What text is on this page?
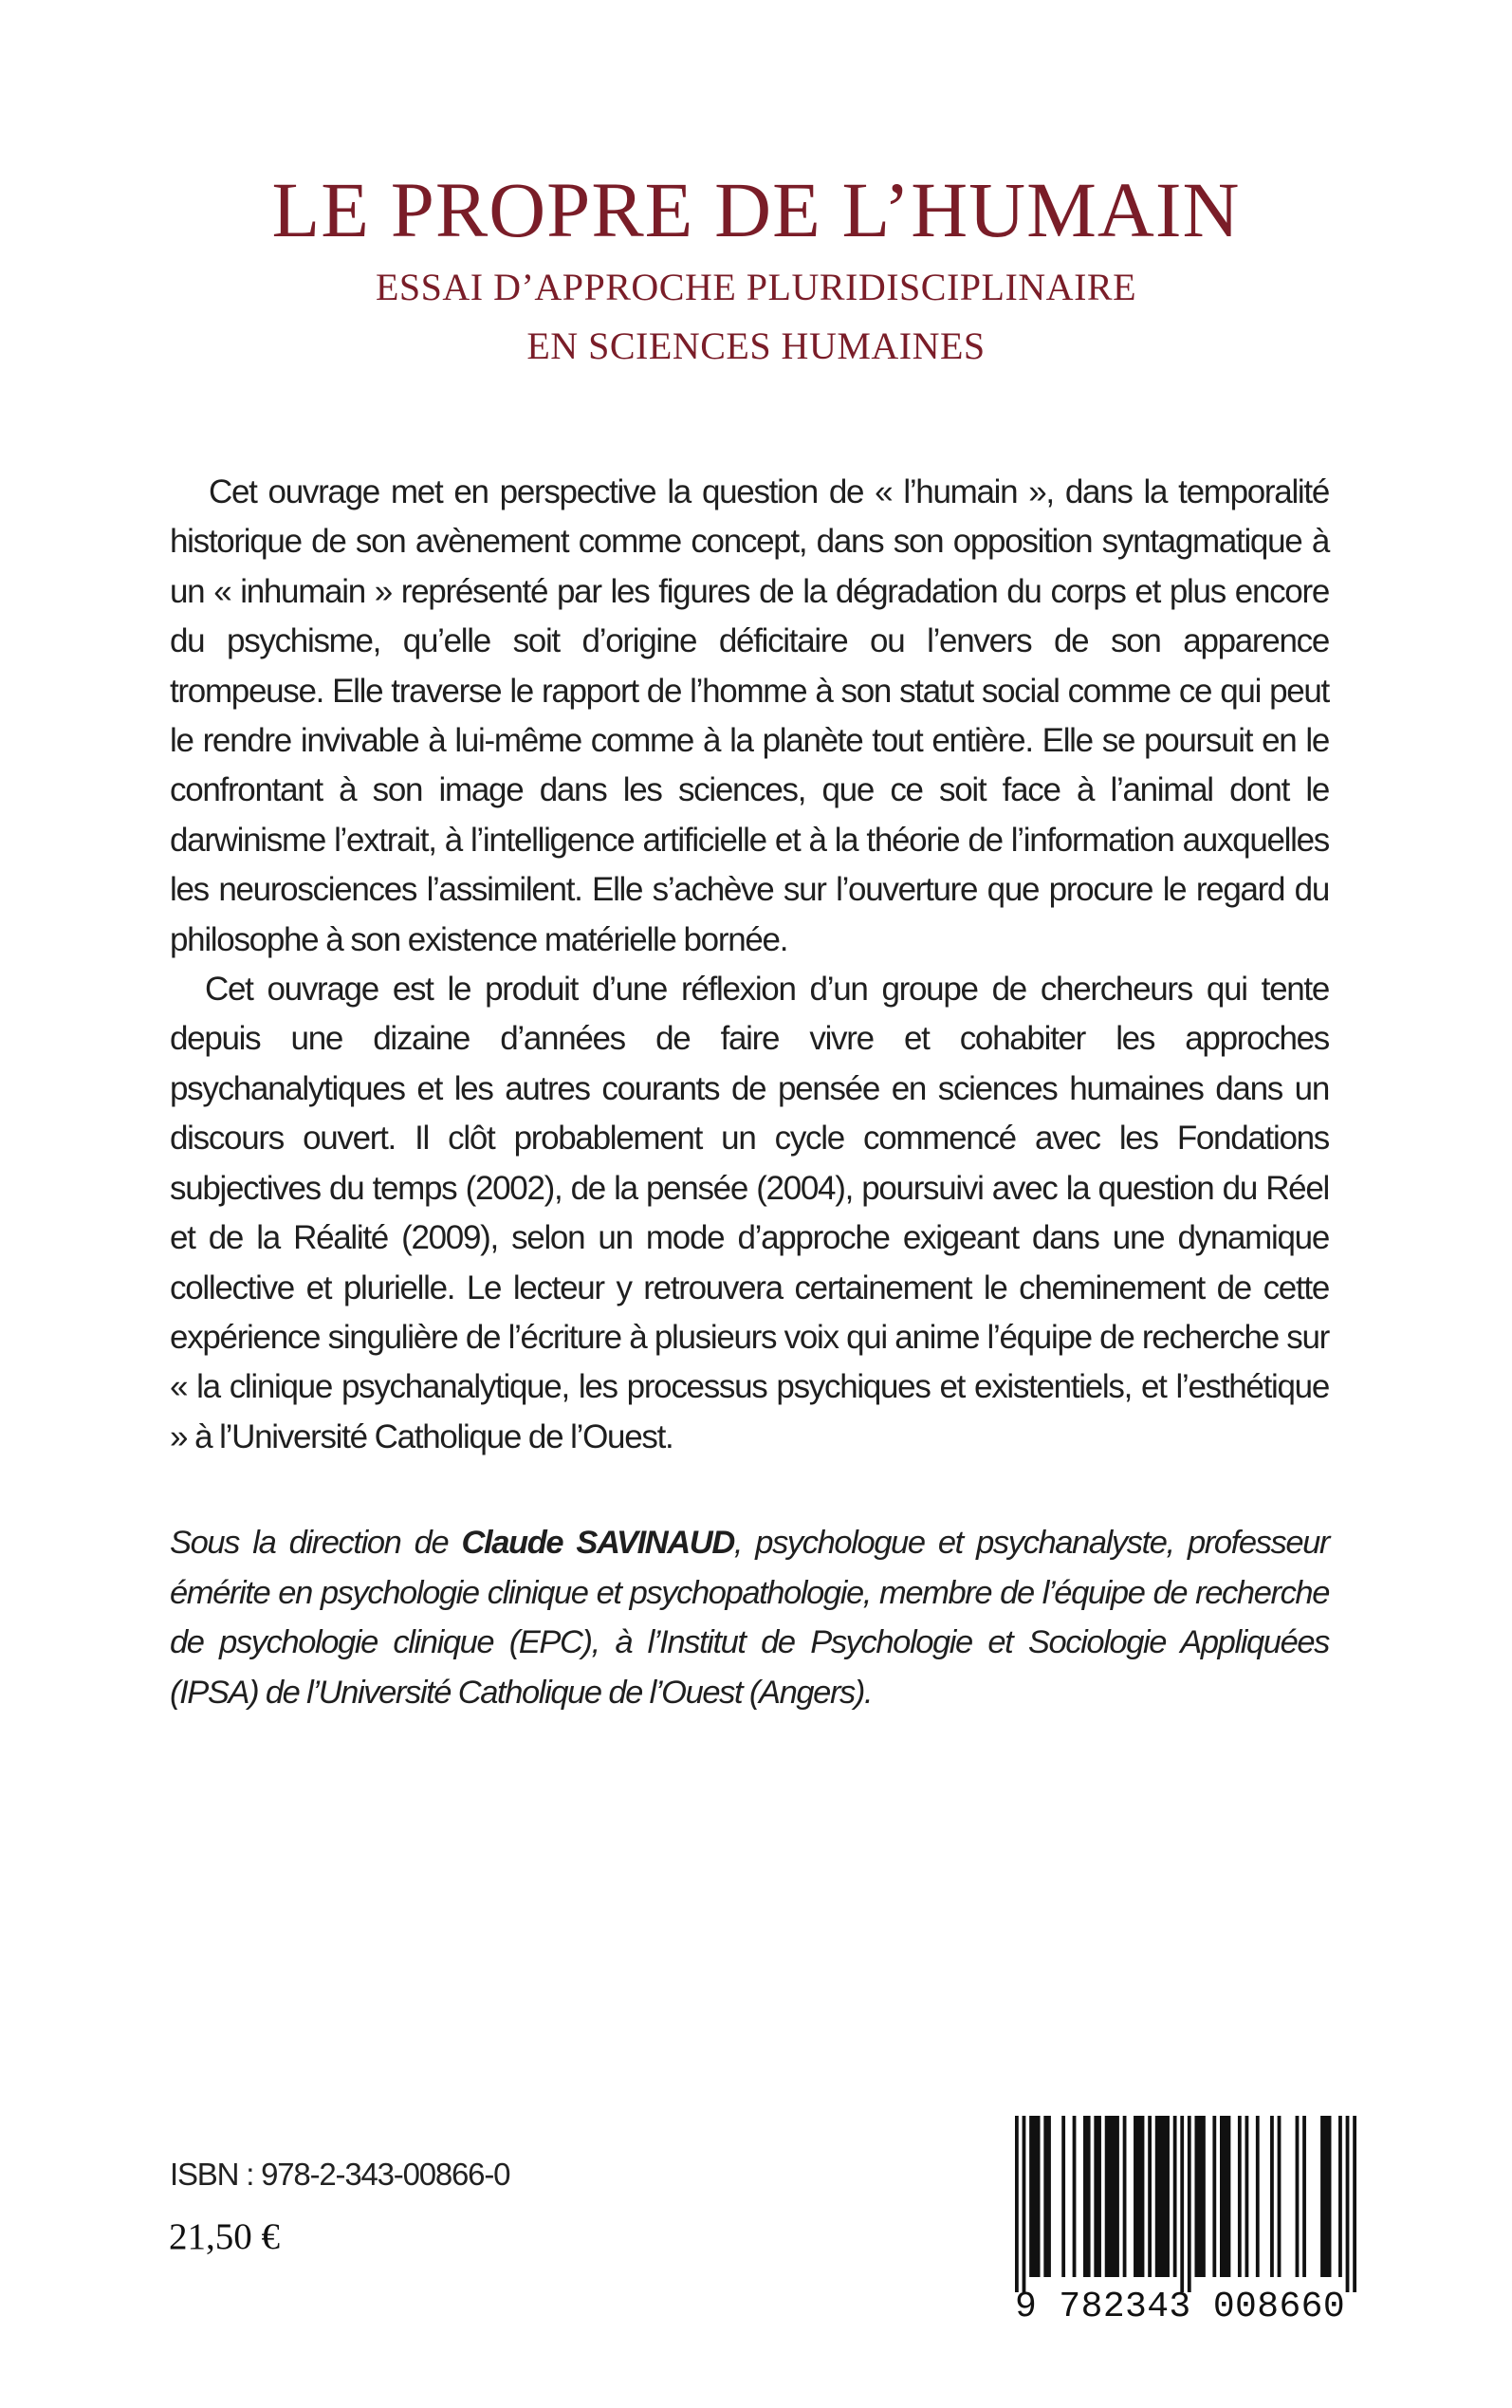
LE PROPRE DE L’HUMAIN
ESSAI D’APPROCHE PLURIDISCIPLINAIRE
EN SCIENCES HUMAINES

Cet ouvrage met en perspective la question de « l’humain », dans la temporalité historique de son avènement comme concept, dans son opposition syntagmatique à un « inhumain » représenté par les figures de la dégradation du corps et plus encore du psychisme, qu’elle soit d’origine déficitaire ou l’envers de son apparence trompeuse. Elle traverse le rapport de l’homme à son statut social comme ce qui peut le rendre invivable à lui-même comme à la planète tout entière. Elle se poursuit en le confrontant à son image dans les sciences, que ce soit face à l’animal dont le darwinisme l’extrait, à l’intelligence artificielle et à la théorie de l’information auxquelles les neurosciences l’assimilent. Elle s’achève sur l’ouverture que procure le regard du philosophe à son existence matérielle bornée.

Cet ouvrage est le produit d’une réflexion d’un groupe de chercheurs qui tente depuis une dizaine d’années de faire vivre et cohabiter les approches psychanalytiques et les autres courants de pensée en sciences humaines dans un discours ouvert. Il clôt probablement un cycle commencé avec les Fondations subjectives du temps (2002), de la pensée (2004), poursuivi avec la question du Réel et de la Réalité (2009), selon un mode d’approche exigeant dans une dynamique collective et plurielle. Le lecteur y retrouvera certainement le cheminement de cette expérience singulière de l’écriture à plusieurs voix qui anime l’équipe de recherche sur « la clinique psychanalytique, les processus psychiques et existentiels, et l’esthétique » à l’Université Catholique de l’Ouest.

Sous la direction de Claude SAVINAUD, psychologue et psychanalyste, professeur émérite en psychologie clinique et psychopathologie, membre de l’équipe de recherche de psychologie clinique (EPC), à l’Institut de Psychologie et Sociologie Appliquées (IPSA) de l’Université Catholique de l’Ouest (Angers).
ISBN : 978-2-343-00866-0
21,50 €
9 782343 008660
